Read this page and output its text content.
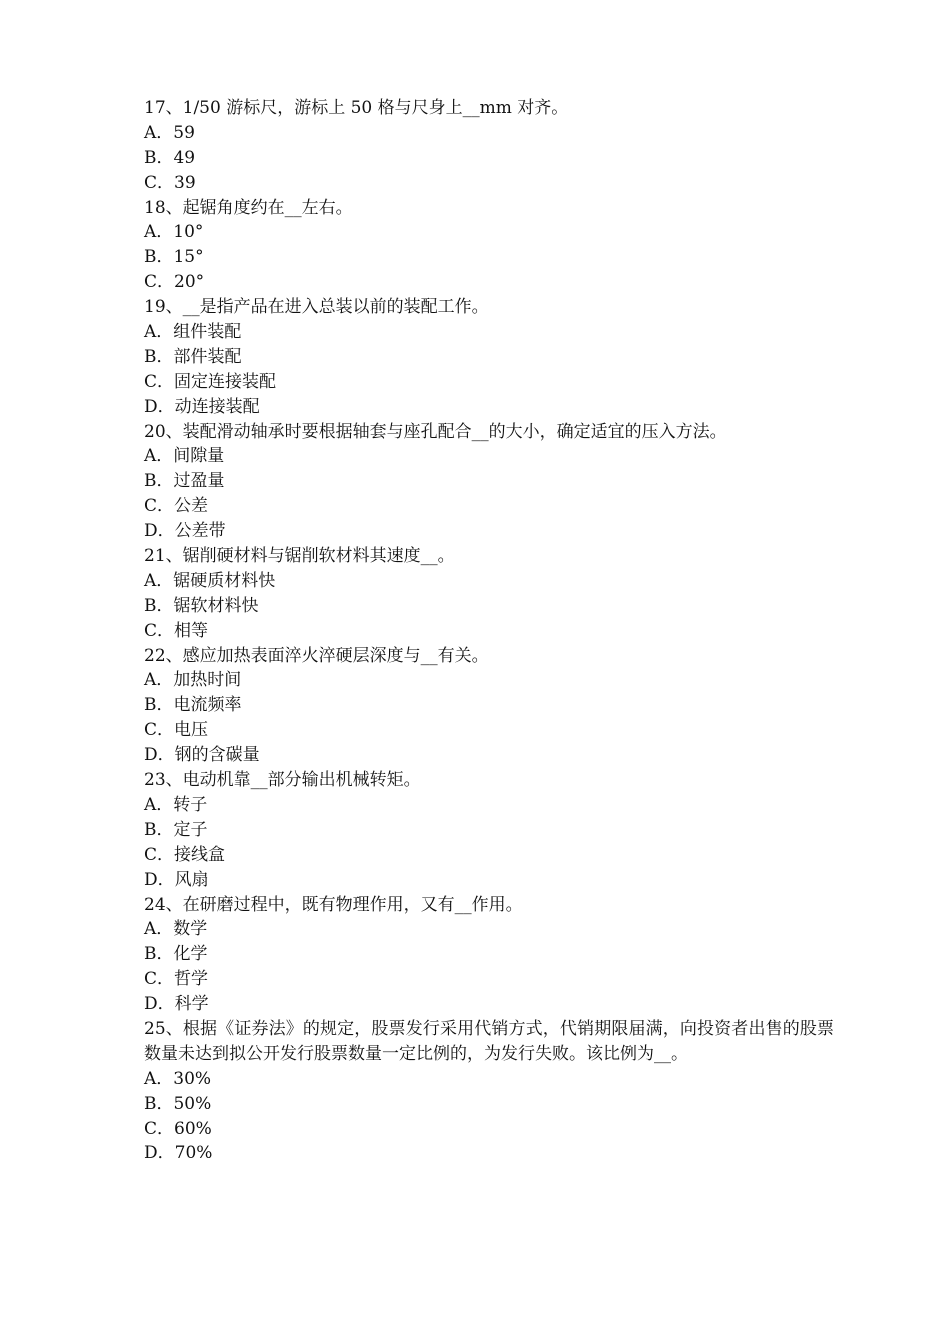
17、1/50 游标尺，游标上 50 格与尺身上__mm 对齐。
A．59
B．49
C．39
18、起锯角度约在__左右。
A．10°
B．15°
C．20°
19、__是指产品在进入总装以前的装配工作。
A．组件装配
B．部件装配
C．固定连接装配
D．动连接装配
20、装配滑动轴承时要根据轴套与座孔配合__的大小，确定适宜的压入方法。
A．间隙量
B．过盈量
C．公差
D．公差带
21、锯削硬材料与锯削软材料其速度__。
A．锯硬质材料快
B．锯软材料快
C．相等
22、感应加热表面淬火淬硬层深度与__有关。
A．加热时间
B．电流频率
C．电压
D．钢的含碳量
23、电动机靠__部分输出机械转矩。
A．转子
B．定子
C．接线盒
D．风扇
24、在研磨过程中，既有物理作用，又有__作用。
A．数学
B．化学
C．哲学
D．科学
25、根据《证券法》的规定，股票发行采用代销方式，代销期限届满，向投资者出售的股票数量未达到拟公开发行股票数量一定比例的，为发行失败。该比例为__。
A．30%
B．50%
C．60%
D．70%
